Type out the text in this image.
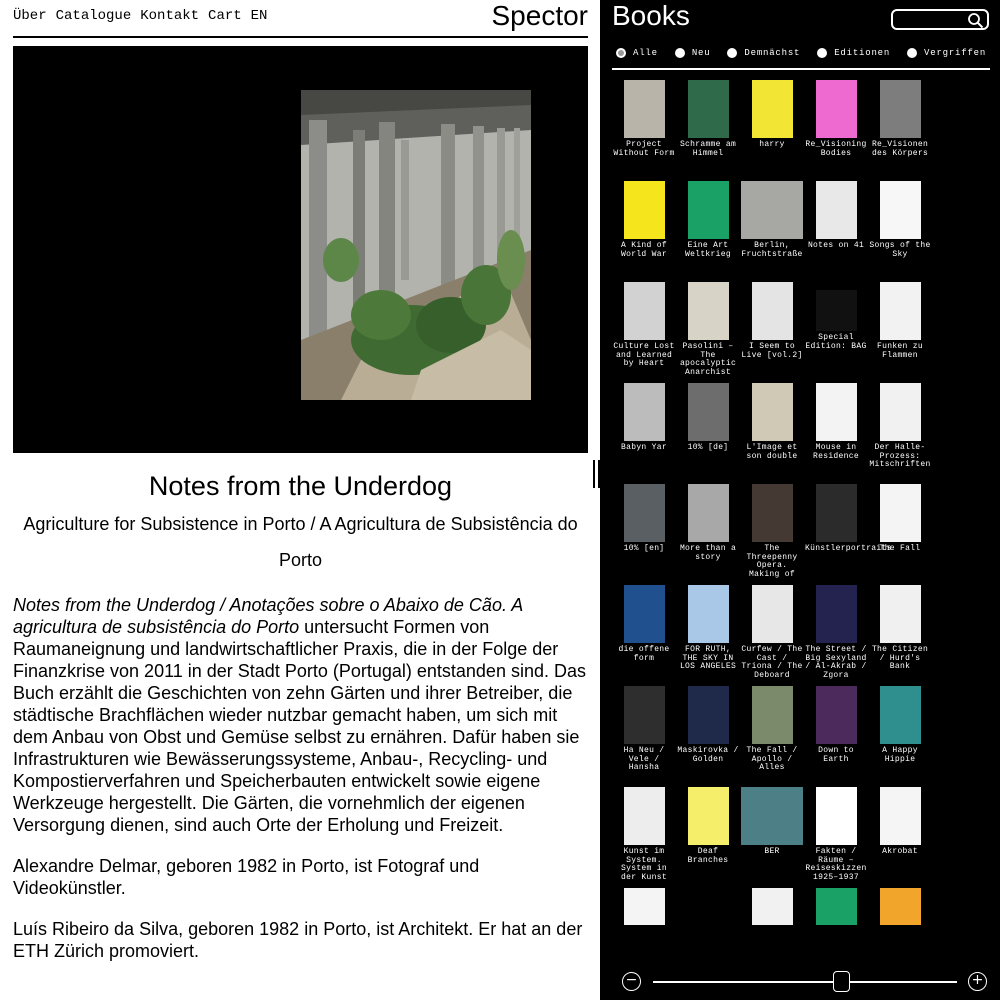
Über Catalogue Kontakt Cart EN	Spector
Notes from the Underdog
Agriculture for Subsistence in Porto / A Agricultura de Subsistência do Porto

Notes from the Underdog / Anotações sobre o Abaixo de Cão. A agricultura de subsistência do Porto untersucht Formen von Raumaneignung und landwirtschaftlicher Praxis, die in der Folge der Finanzkrise von 2011 in der Stadt Porto (Portugal) entstanden sind. Das Buch erzählt die Geschichten von zehn Gärten und ihrer Betreiber, die städtische Brachflächen wieder nutzbar gemacht haben, um sich mit dem Anbau von Obst und Gemüse selbst zu ernähren. Dafür haben sie Infrastrukturen wie Bewässerungssysteme, Anbau-, Recycling- und Kompostierverfahren und Speicherbauten entwickelt sowie eigene Werkzeuge hergestellt. Die Gärten, die vornehmlich der eigenen Versorgung dienen, sind auch Orte der Erholung und Freizeit.

Alexandre Delmar, geboren 1982 in Porto, ist Fotograf und Videokünstler.

Luís Ribeiro da Silva, geboren 1982 in Porto, ist Architekt. Er hat an der ETH Zürich promoviert.

Books
Alle	Neu	Demnächst	Editionen	Vergriffen
Project Without Form
Schramme am Himmel
harry	Re_Visioning Bodies
Re_Visionen des Körpers
A Kind of World War
Eine Art Weltkrieg
Berlin, Fruchtstraße
Notes on 41 Songs of the Sky
Culture Lost and Learned by Heart
Pasolini – The apocalyptic Anarchist
I Seem to Live [vol.2]
Special Edition: BAG	Funken zu Flammen
Babyn Yar	10% [de]	L'Image et son double
Mouse in Residence
Der Halle-Prozess: Mitschriften
10% [en]	More than a story
The Threepenny Opera. Making of
Künstlerportraits
The Fall
die offene form
FOR RUTH, THE SKY IN LOS ANGELES
Curfew / The Cast / Triona / The Deboard
The Street / Big Sexyland / Al-Akrab / Zgora
The Citizen / Hurd's Bank
Ha Neu / Vele / Hansha
Maskirovka / Golden
The Fall / Apollo / Alles
Down to Earth
A Happy Hippie
Kunst im System. System in der Kunst
Deaf Branches
BER	Fakten / Räume – Reiseskizzen 1925–1937
Akrobat
−	+
